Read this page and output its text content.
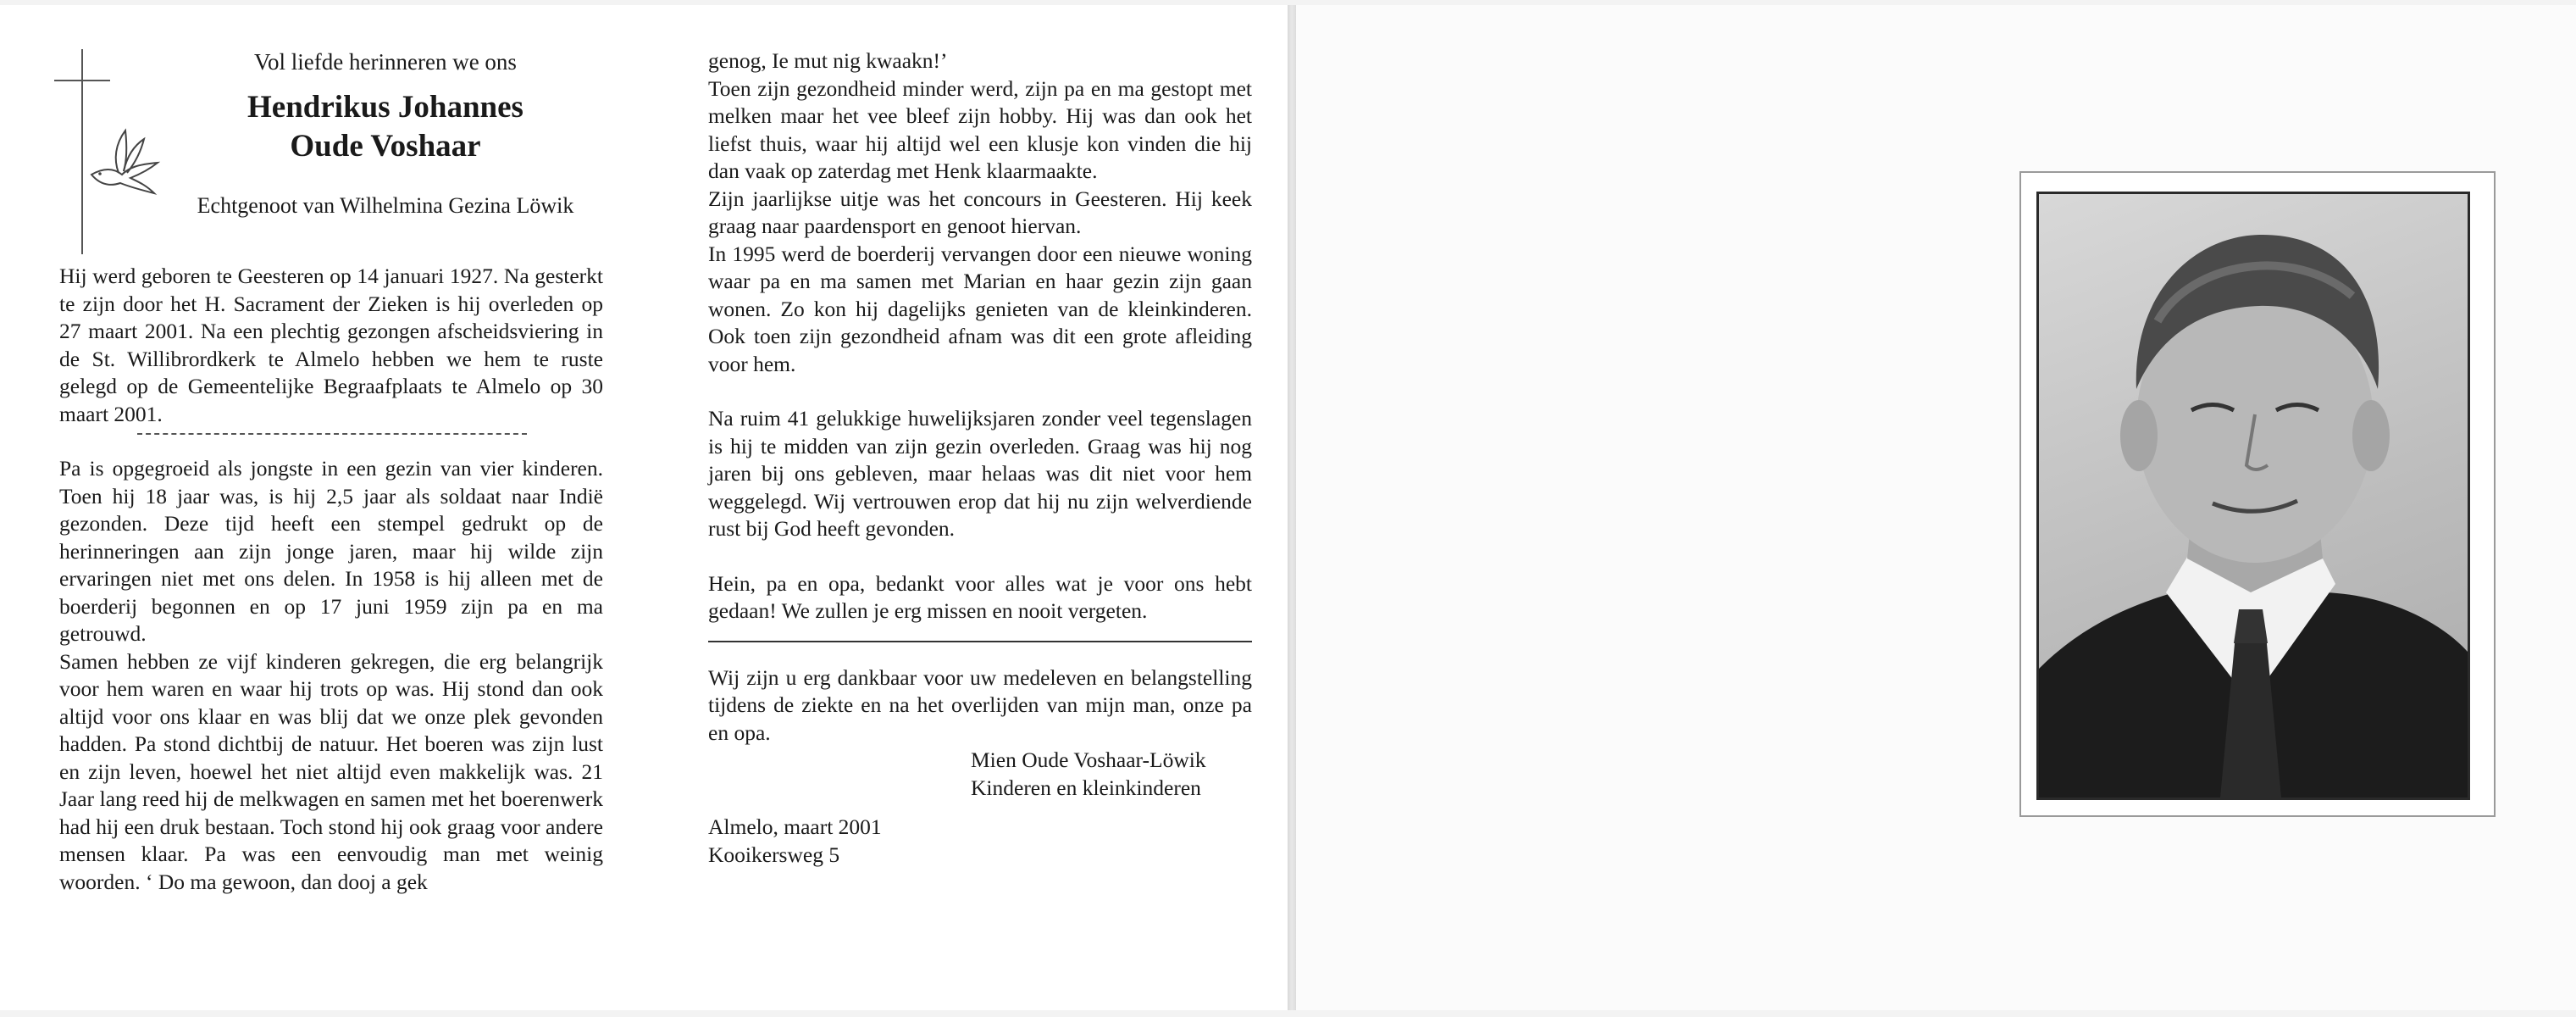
Vol liefde herinneren we ons
Hendrikus Johannes
Oude Voshaar
Echtgenoot van Wilhelmina Gezina Löwik

Hij werd geboren te Geesteren op 14 januari 1927. Na gesterkt te zijn door het H. Sacrament der Zieken is hij overleden op 27 maart 2001. Na een plechtig gezongen afscheidsviering in de St. Willibrordkerk te Almelo hebben we hem te ruste gelegd op de Gemeentelijke Begraafplaats te Almelo op 30 maart 2001.

Pa is opgegroeid als jongste in een gezin van vier kinderen. Toen hij 18 jaar was, is hij 2,5 jaar als soldaat naar Indië gezonden. Deze tijd heeft een stempel gedrukt op de herinneringen aan zijn jonge jaren, maar hij wilde zijn ervaringen niet met ons delen. In 1958 is hij alleen met de boerderij begonnen en op 17 juni 1959 zijn pa en ma getrouwd.

Samen hebben ze vijf kinderen gekregen, die erg belangrijk voor hem waren en waar hij trots op was. Hij stond dan ook altijd voor ons klaar en was blij dat we onze plek gevonden hadden. Pa stond dichtbij de natuur. Het boeren was zijn lust en zijn leven, hoewel het niet altijd even makkelijk was. 21 Jaar lang reed hij de melkwagen en samen met het boerenwerk had hij een druk bestaan. Toch stond hij ook graag voor andere mensen klaar. Pa was een eenvoudig man met weinig woorden. ‘ Do ma gewoon, dan dooj a gek

genog, Ie mut nig kwaakn!’

Toen zijn gezondheid minder werd, zijn pa en ma gestopt met melken maar het vee bleef zijn hobby. Hij was dan ook het liefst thuis, waar hij altijd wel een klusje kon vinden die hij dan vaak op zaterdag met Henk klaarmaakte.

Zijn jaarlijkse uitje was het concours in Geesteren. Hij keek graag naar paardensport en genoot hiervan.

In 1995 werd de boerderij vervangen door een nieuwe woning waar pa en ma samen met Marian en haar gezin zijn gaan wonen. Zo kon hij dagelijks genieten van de kleinkinderen. Ook toen zijn gezondheid afnam was dit een grote afleiding voor hem.

Na ruim 41 gelukkige huwelijksjaren zonder veel tegenslagen is hij te midden van zijn gezin overleden. Graag was hij nog jaren bij ons gebleven, maar helaas was dit niet voor hem weggelegd. Wij vertrouwen erop dat hij nu zijn welverdiende rust bij God heeft gevonden.

Hein, pa en opa, bedankt voor alles wat je voor ons hebt gedaan! We zullen je erg missen en nooit vergeten.

Wij zijn u erg dankbaar voor uw medeleven en belangstelling tijdens de ziekte en na het overlijden van mijn man, onze pa en opa.

Mien Oude Voshaar-Löwik

Kinderen en kleinkinderen

Almelo, maart 2001

Kooikersweg 5
